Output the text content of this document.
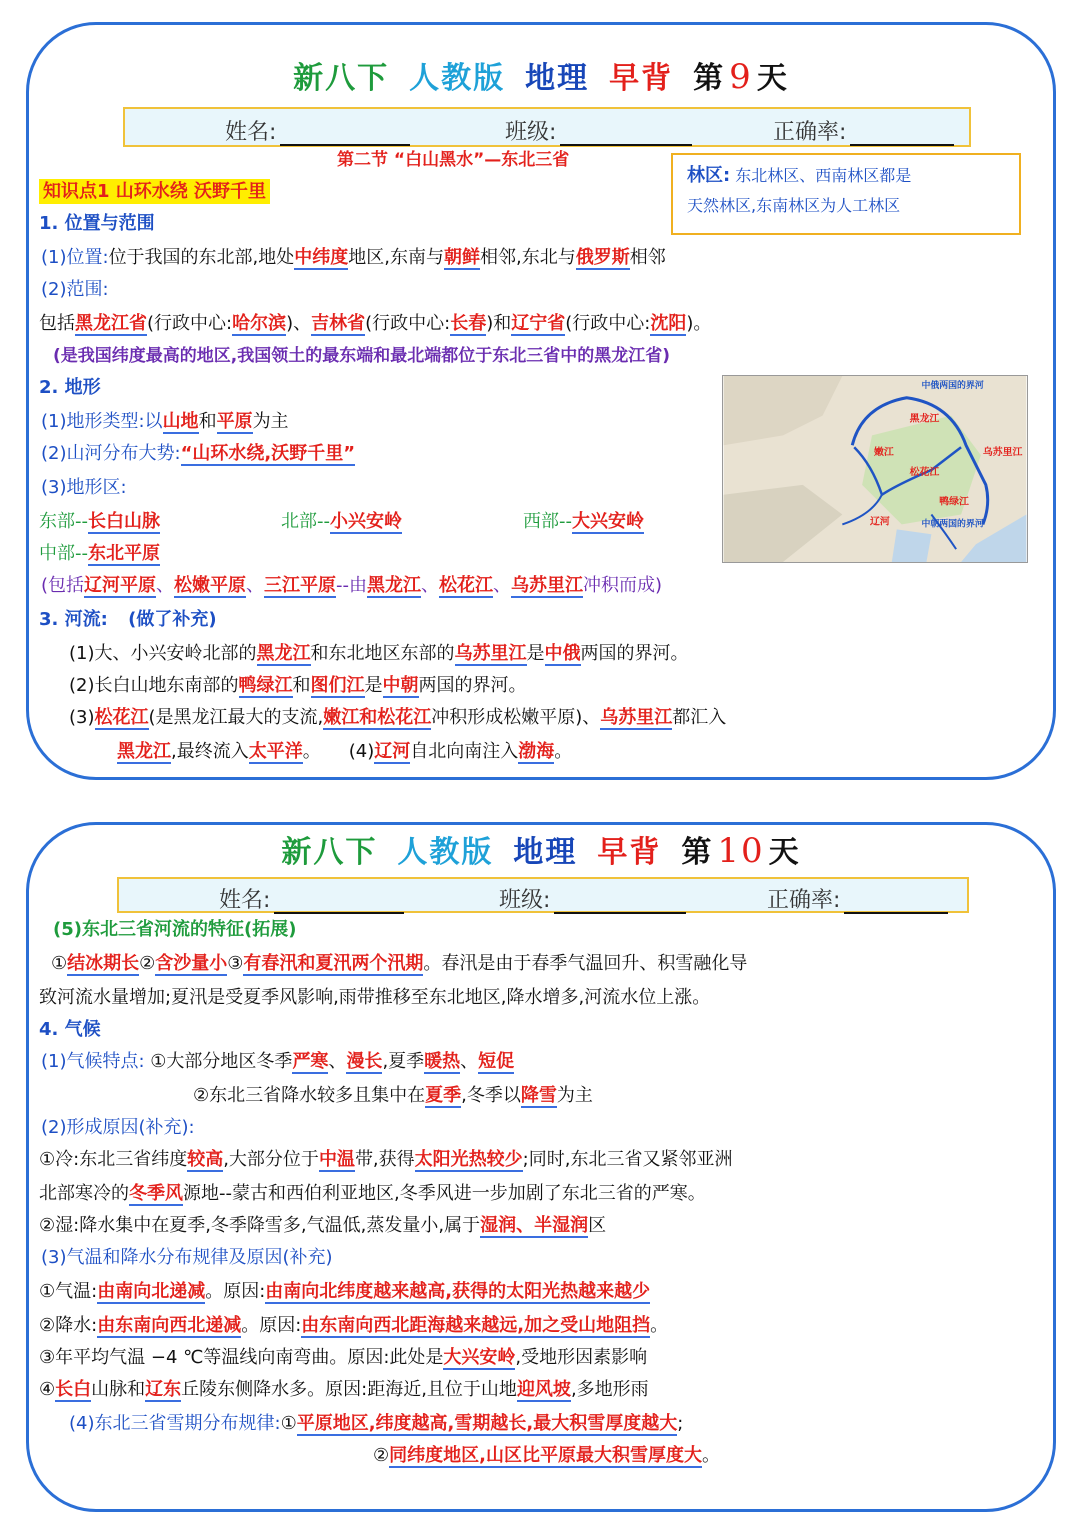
新八下 人教版 地理 早背 第 9 天
姓名:	班级:	正确率:
第二节 “白山黑水”—东北三省
知识点1 山环水绕 沃野千里
林区: 东北林区、西南林区都是
天然林区,东南林区为人工林区
1. 位置与范围
(1)位置:位于我国的东北部,地处中纬度地区,东南与朝鲜相邻,东北与俄罗斯相邻
(2)范围:
包括黑龙江省(行政中心:哈尔滨)、吉林省(行政中心:长春)和辽宁省(行政中心:沈阳)。
(是我国纬度最高的地区,我国领土的最东端和最北端都位于东北三省中的黑龙江省)
2. 地形
(1)地形类型:以山地和平原为主
(2)山河分布大势:“山环水绕,沃野千里”
(3)地形区:
东部--长白山脉	北部--小兴安岭	西部--大兴安岭
中部--东北平原
(包括辽河平原、松嫩平原、三江平原--由黑龙江、松花江、乌苏里江冲积而成)
3. 河流: (做了补充)
(1)大、小兴安岭北部的黑龙江和东北地区东部的乌苏里江是中俄两国的界河。
(2)长白山地东南部的鸭绿江和图们江是中朝两国的界河。
(3)松花江(是黑龙江最大的支流,嫩江和松花江冲积形成松嫩平原)、乌苏里江都汇入
黑龙江,最终流入太平洋。 (4)辽河自北向南注入渤海。
中俄两国的界河
中朝两国的界河
黑龙江
嫩江
松花江
乌苏里江
辽河
鸭绿江
新八下 人教版 地理 早背 第 10 天
姓名:	班级:	正确率:
(5)东北三省河流的特征(拓展)
①结冰期长②含沙量小③有春汛和夏汛两个汛期。春汛是由于春季气温回升、积雪融化导
致河流水量增加;夏汛是受夏季风影响,雨带推移至东北地区,降水增多,河流水位上涨。
4. 气候
(1)气候特点: ①大部分地区冬季严寒、漫长,夏季暖热、短促
②东北三省降水较多且集中在夏季,冬季以降雪为主
(2)形成原因(补充):
①冷:东北三省纬度较高,大部分位于中温带,获得太阳光热较少;同时,东北三省又紧邻亚洲
北部寒冷的冬季风源地--蒙古和西伯利亚地区,冬季风进一步加剧了东北三省的严寒。
②湿:降水集中在夏季,冬季降雪多,气温低,蒸发量小,属于湿润、半湿润区
(3)气温和降水分布规律及原因(补充)
①气温:由南向北递减。原因:由南向北纬度越来越高,获得的太阳光热越来越少
②降水:由东南向西北递减。原因:由东南向西北距海越来越远,加之受山地阻挡。
③年平均气温 −4 ℃等温线向南弯曲。原因:此处是大兴安岭,受地形因素影响
④长白山脉和辽东丘陵东侧降水多。原因:距海近,且位于山地迎风坡,多地形雨
(4)东北三省雪期分布规律:①平原地区,纬度越高,雪期越长,最大积雪厚度越大;
②同纬度地区,山区比平原最大积雪厚度大。
